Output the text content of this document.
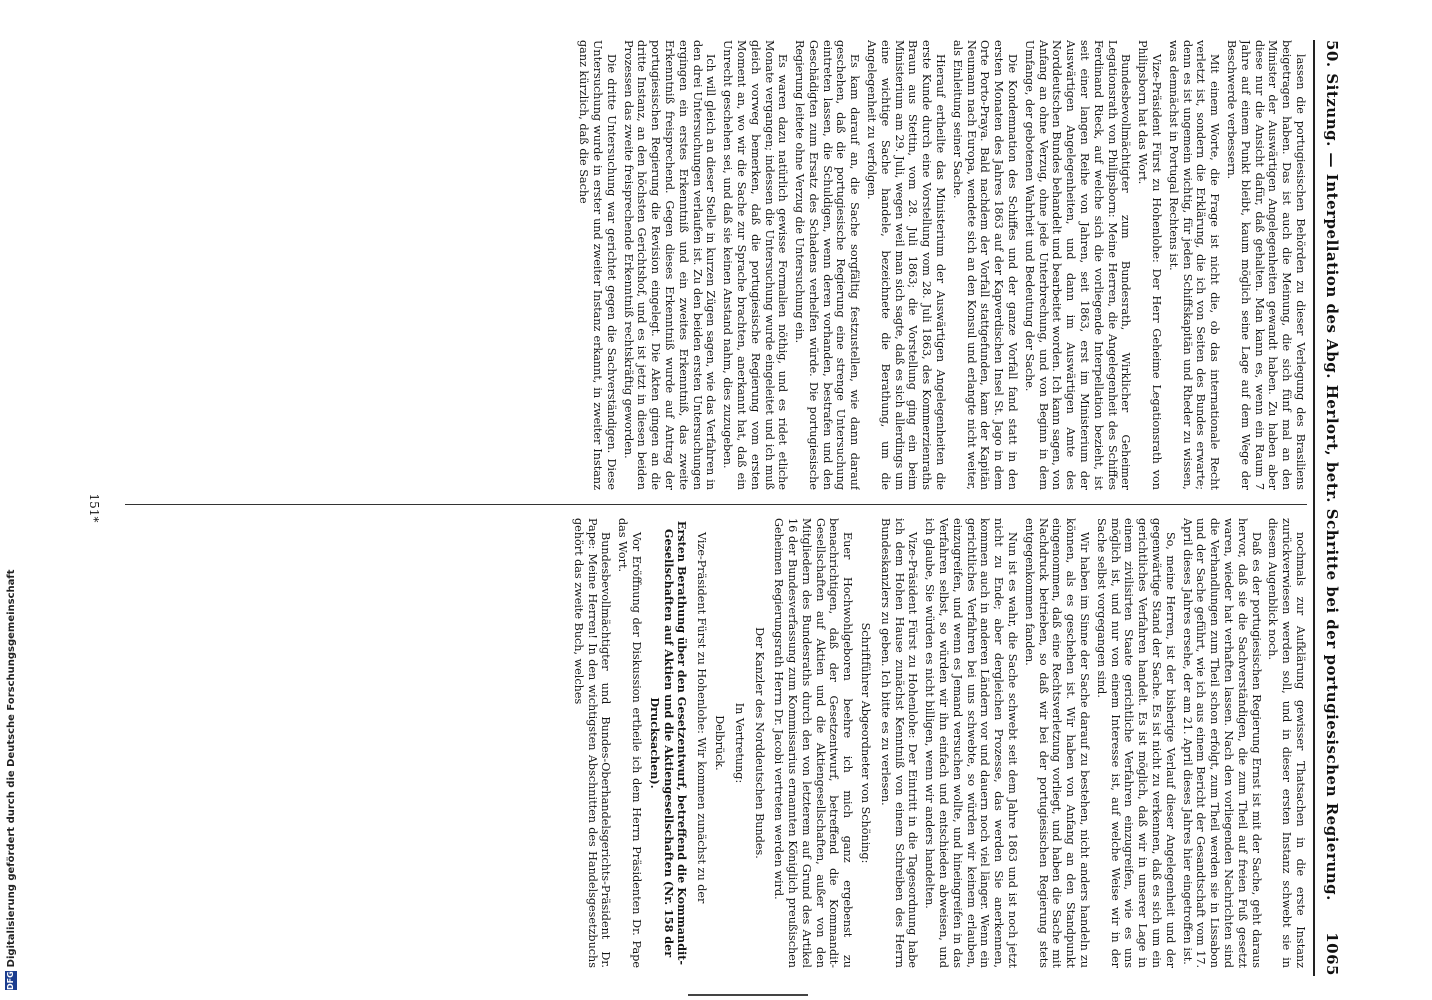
50. Sitzung. — Interpellation des Abg. Herlort, betr. Schritte bei der portugiesischen Regierung.
1065

lassen die portugiesischen Behörden zu dieser Verlegung des Brasiliens beigetragen haben. Das ist auch die Meinung, die sich fünf mal an den Minister der Auswärtigen Angelegenheiten gewandt haben. Zu haben aber diese nur die Ansicht dafür, daß gehalten. Man kann es, wenn ein Raum 7 Jahre auf einem Punkt bleibt, kaum möglich seine Lage auf dem Wege der Beschwerde verbessern.

Mit einem Worte, die Frage ist nicht die, ob das internationale Recht verletzt ist, sondern die Erklärung, die ich von Seiten des Bundes erwarte; denn es ist ungemein wichtig, für jeden Schiffskapitän und Rheder zu wissen, was demnächst in Portugal Rechtens ist.

Vize-Präsident Fürst zu Hohenlohe: Der Herr Geheime Legationsrath von Philipsborn hat das Wort.

Bundesbevollmächtigter zum Bundesrath, Wirklicher Geheimer Legationsrath von Philipsborn: Meine Herren, die Angelegenheit des Schiffes Ferdinand Rieck, auf welche sich die vorliegende Interpellation bezieht, ist seit einer langen Reihe von Jahren, seit 1863, erst im Ministerium der Auswärtigen Angelegenheiten, und dann im Auswärtigen Amte des Norddeutschen Bundes behandelt und bearbeitet worden. Ich kann sagen, von Anfang an ohne Verzug, ohne jede Unterbrechung, und von Beginn in dem Umfange, der gebotenen Wahrheit und Bedeutung der Sache.

Die Kondemnation des Schiffes und der ganze Vorfall fand statt in den ersten Monaten des Jahres 1863 auf der Kapverdischen Insel St. Jago in dem Orte Porto-Praya. Bald nachdem der Vorfall stattgefunden, kam der Kapitän Neumann nach Europa, wendete sich an den Konsul und erlangte nicht weiter, als Einleitung seiner Sache.

Hierauf ertheilte das Ministerium der Auswärtigen Angelegenheiten die erste Kunde durch eine Vorstellung vom 28. Juli 1863, des Kommerzienraths Braun aus Stettin, vom 28. Juli 1863; die Vorstellung ging ein beim Ministerium am 29. Juli, wegen weil man sich sagte, daß es sich allerdings um eine wichtige Sache handele, bezeichnete die Berathung, um die Angelegenheit zu verfolgen.

Es kam darauf an, die Sache sorgfältig festzustellen, wie dann darauf geschehen, daß die portugiesische Regierung eine strenge Untersuchung eintreten lassen, die Schuldigen, wenn deren vorhanden, bestrafen und den Geschädigten zum Ersatz des Schadens verhelfen würde. Die portugiesische Regierung leitete ohne Verzug die Untersuchung ein.

Es waren dazu natürlich gewisse Formalien nöthig, und es ridet etliche Monate vergangen; indessen die Untersuchung wurde eingeleitet und ich muß gleich vorweg bemerken, daß die portugiesische Regierung vom ersten Moment an, wo wir die Sache zur Sprache brachten, anerkannt hat, daß ein Unrecht geschehen sei, und daß sie keinen Anstand nahm, dies zuzugeben.

Ich will gleich an dieser Stelle in kurzen Zügen sagen, wie das Verfahren in den drei Untersuchungen verlaufen ist. Zu den beiden ersten Untersuchungen ergingen ein erstes Erkenntniß und ein zweites Erkenntniß, das zweite Erkenntniß freisprechend. Gegen dieses Erkenntniß wurde auf Antrag der portugiesischen Regierung die Revision eingelegt. Die Akten gingen an die dritte Instanz, an den höchsten Gerichtshof, und es ist jetzt in diesen beiden Prozessen das zweite freisprechende Erkenntniß rechtskräftig geworden.

Die dritte Untersuchung war gerichtet gegen die Sachverständigen. Diese Untersuchung wurde in erster und zweiter Instanz erkannt, in zweiter Instanz ganz kürzlich, daß die Sache

nochmals zur Aufklärung gewisser Thatsachen in die erste Instanz zurückverwiesen werden soll, und in dieser ersten Instanz schwebt sie in diesem Augenblick noch.

Daß es der portugiesischen Regierung Ernst ist mit der Sache, geht daraus hervor, daß sie die Sachverständigen, die zum Theil auf freien Fuß gesetzt waren, wieder hat verhaften lassen. Nach den vorliegenden Nachrichten sind die Verhandlungen zum Theil schon erfolgt, zum Theil werden sie in Lissabon und der Sache geführt, wie ich aus einem Bericht der Gesandtschaft vom 17. April dieses Jahres ersehe, der am 21. April dieses Jahres hier eingetroffen ist.

So, meine Herren, ist der bisherige Verlauf dieser Angelegenheit und der gegenwärtige Stand der Sache. Es ist nicht zu verkennen, daß es sich um ein gerichtliches Verfahren handelt. Es ist möglich, daß wir in unserer Lage in einem zivilisirten Staate gerichtliche Verfahren einzugreifen, wie es uns möglich ist, und nur von einem Interesse ist, auf welche Weise wir in der Sache selbst vorgegangen sind.

Wir haben im Sinne der Sache darauf zu bestehen, nicht anders handeln zu können, als es geschehen ist. Wir haben von Anfang an den Standpunkt eingenommen, daß eine Rechtsverletzung vorliegt, und haben die Sache mit Nachdruck betrieben, so daß wir bei der portugiesischen Regierung stets entgegenkommen fanden.

Nun ist es wahr, die Sache schwebt seit dem Jahre 1863 und ist noch jetzt nicht zu Ende; aber dergleichen Prozesse, das werden Sie anerkennen, kommen auch in anderen Ländern vor und dauern noch viel länger. Wenn ein gerichtliches Verfahren bei uns schwebte, so würden wir keinem erlauben, einzugreifen, und wenn es Jemand versuchen wollte, und hineingreifen in das Verfahren selbst, so würden wir ihn einfach und entschieden abweisen, und ich glaube, Sie würden es nicht billigen, wenn wir anders handelten.

Vize-Präsident Fürst zu Hohenlohe: Der Eintritt in die Tagesordnung habe ich dem Hohen Hause zunächst Kenntniß von einem Schreiben des Herrn Bundeskanzlers zu geben. Ich bitte es zu verlesen.

Schriftführer Abgeordneter von Schöning:

Euer Hochwohlgeboren beehre ich mich ganz ergebenst zu benachrichtigen, daß der Gesetzentwurf, betreffend die Kommandit-Gesellschaften auf Aktien und die Aktiengesellschaften, außer von den Mitgliedern des Bundesraths durch den von letzterem auf Grund des Artikel 16 der Bundesverfassung zum Kommissarius ernannten Königlich preußischen Geheimen Regierungsrath Herrn Dr. Jacobi vertreten werden wird.

Der Kanzler des Norddeutschen Bundes.

In Vertretung:

Delbrück.

Vize-Präsident Fürst zu Hohenlohe: Wir kommen zunächst zu der

Ersten Berathung über den Gesetzentwurf, betreffend die Kommandit-Gesellschaften auf Aktien und die Aktiengesellschaften (Nr. 158 der Drucksachen).

Vor Eröffnung der Diskussion ertheile ich dem Herrn Präsidenten Dr. Pape das Wort.

Bundesbevollmächtigter und Bundes-Oberhandelsgerichts-Präsident Dr. Pape: Meine Herren! In den wichtigsten Abschnitten des Handelsgesetzbuchs gehört das zweite Buch, welches

151*
DFG
Digitalisierung gefördert durch die Deutsche Forschungsgemeinschaft
